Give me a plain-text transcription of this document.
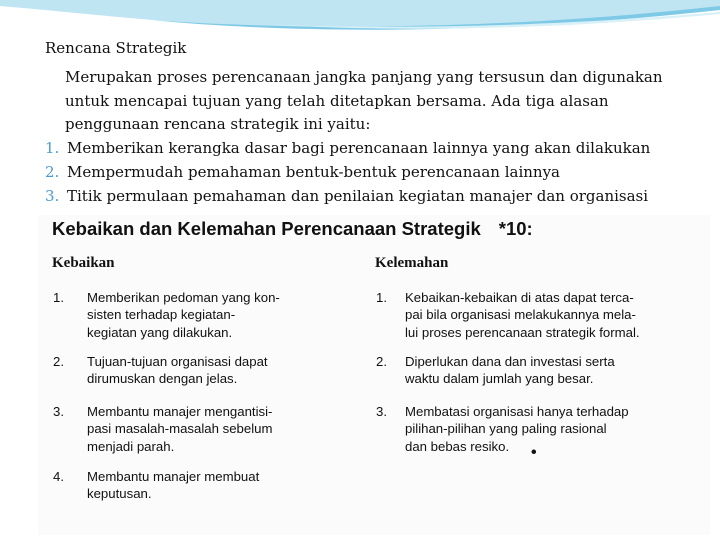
Rencana Strategik
Merupakan proses perencanaan jangka panjang yang tersusun dan digunakan untuk mencapai tujuan yang telah ditetapkan bersama. Ada tiga alasan penggunaan rencana strategik ini yaitu:
1. Memberikan kerangka dasar bagi perencanaan lainnya yang akan dilakukan
2. Mempermudah pemahaman bentuk-bentuk perencanaan lainnya
3. Titik permulaan pemahaman dan penilaian kegiatan manajer dan organisasi
Kebaikan dan Kelemahan Perencanaan Strategik *10:
Kebaikan	Kelemahan
1. Memberikan pedoman yang kon-
sisten terhadap kegiatan-
kegiatan yang dilakukan.
2. Tujuan-tujuan organisasi dapat
dirumuskan dengan jelas.
3. Membantu manajer mengantisi-
pasi masalah-masalah sebelum
menjadi parah.
4. Membantu manajer membuat
keputusan.
1. Kebaikan-kebaikan di atas dapat terca-
pai bila organisasi melakukannya mela-
lui proses perencanaan strategik formal.
2. Diperlukan dana dan investasi serta
waktu dalam jumlah yang besar.
3. Membatasi organisasi hanya terhadap
pilihan-pilihan yang paling rasional
dan bebas resiko.	•
